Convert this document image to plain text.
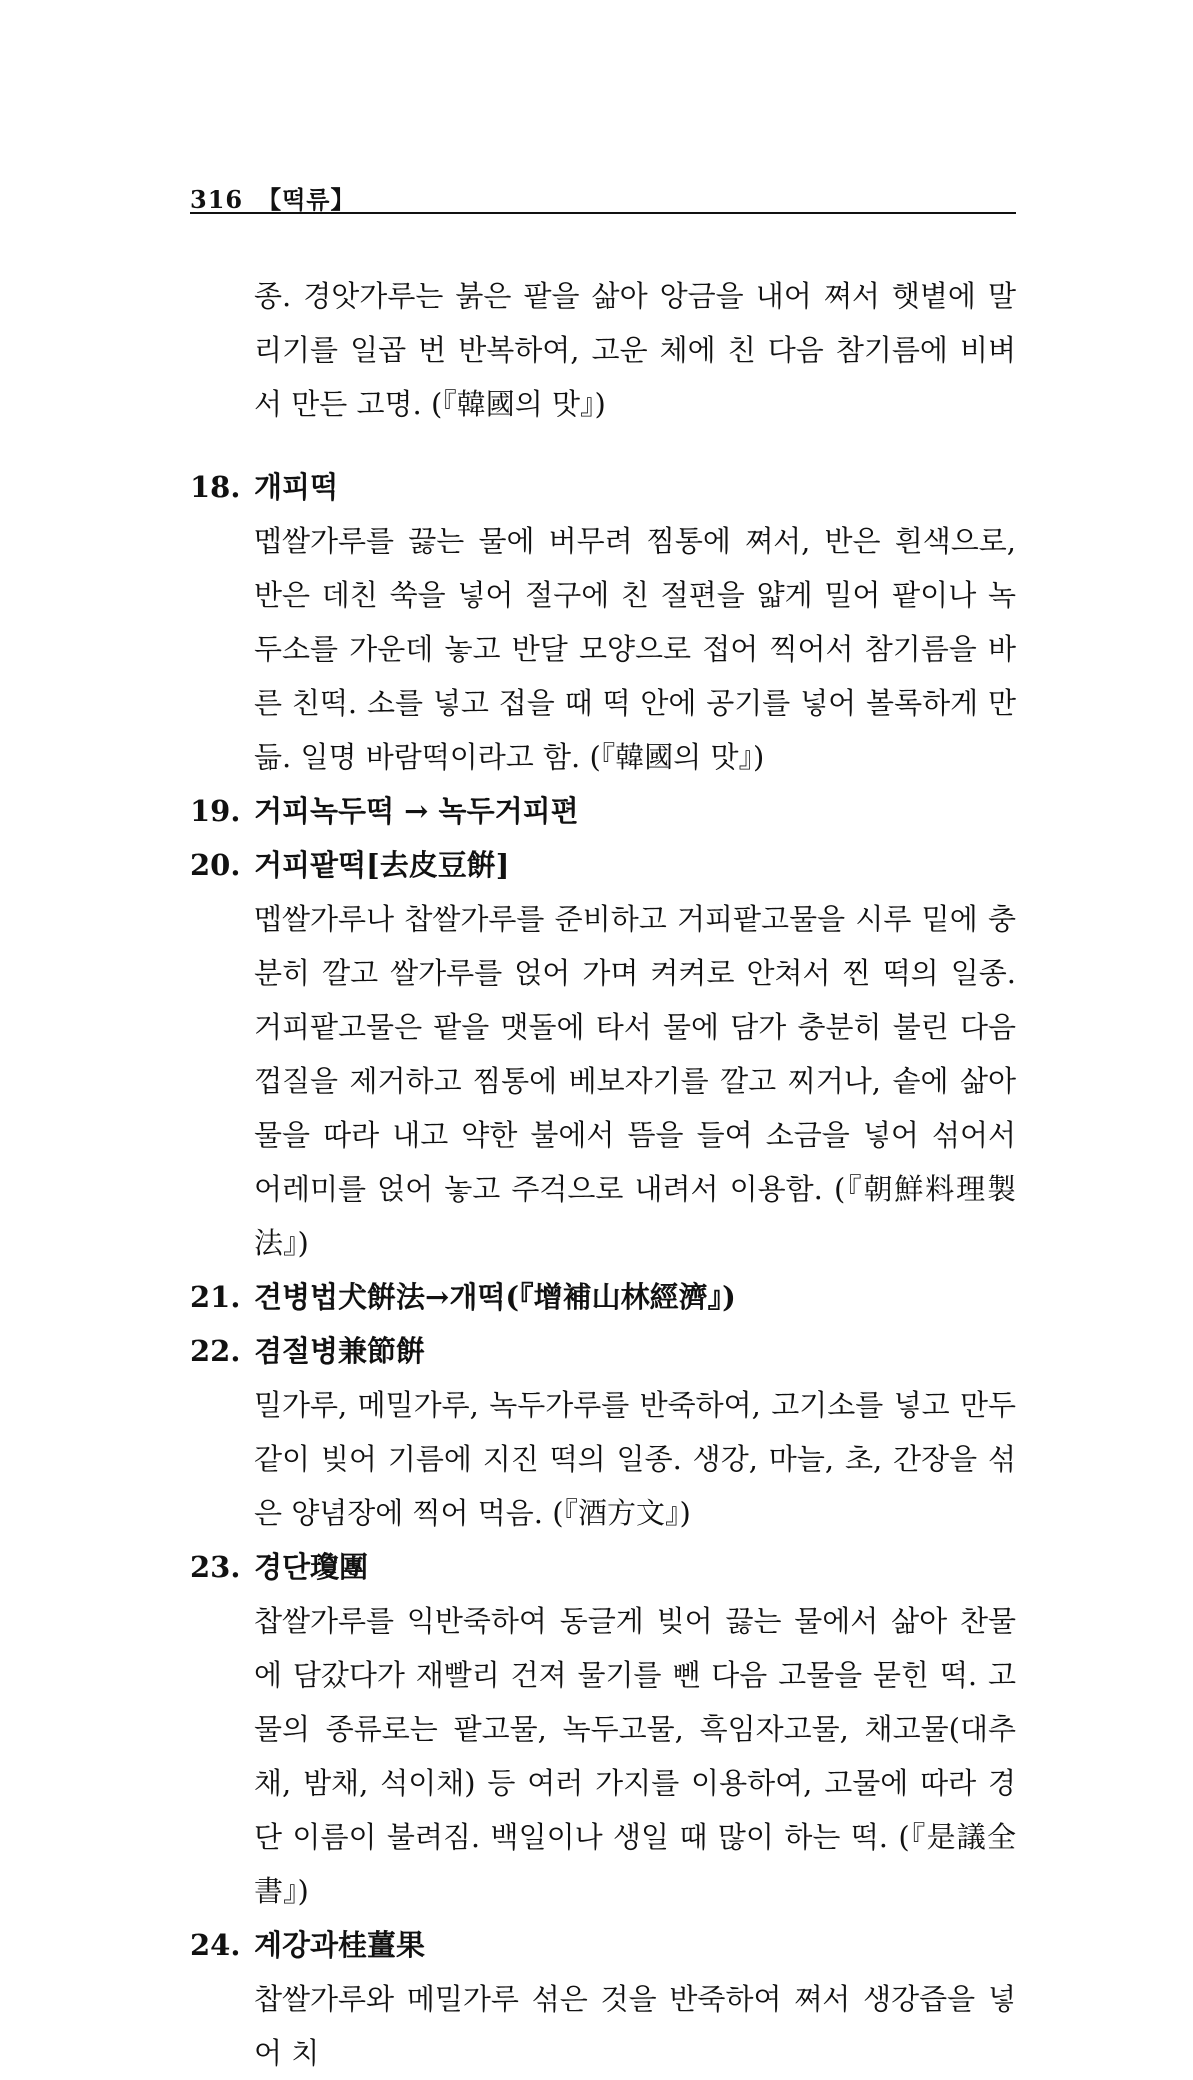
316 【떡류】

종. 경앗가루는 붉은 팥을 삶아 앙금을 내어 쪄서 햇볕에 말리기를 일곱 번 반복하여, 고운 체에 친 다음 참기름에 비벼서 만든 고명. (『韓國의 맛』)

18. 개피떡

멥쌀가루를 끓는 물에 버무려 찜통에 쪄서, 반은 흰색으로, 반은 데친 쑥을 넣어 절구에 친 절편을 얇게 밀어 팥이나 녹두소를 가운데 놓고 반달 모양으로 접어 찍어서 참기름을 바른 친떡. 소를 넣고 접을 때 떡 안에 공기를 넣어 볼록하게 만듦. 일명 바람떡이라고 함. (『韓國의 맛』)

19. 거피녹두떡 → 녹두거피편
20. 거피팥떡[去皮豆餠]

멥쌀가루나 찹쌀가루를 준비하고 거피팥고물을 시루 밑에 충분히 깔고 쌀가루를 얹어 가며 켜켜로 안쳐서 찐 떡의 일종. 거피팥고물은 팥을 맷돌에 타서 물에 담가 충분히 불린 다음 껍질을 제거하고 찜통에 베보자기를 깔고 찌거나, 솥에 삶아 물을 따라 내고 약한 불에서 뜸을 들여 소금을 넣어 섞어서 어레미를 얹어 놓고 주걱으로 내려서 이용함. (『朝鮮料理製法』)

21. 견병법犬餠法→개떡(『增補山林經濟』)
22. 겸절병兼節餠

밀가루, 메밀가루, 녹두가루를 반죽하여, 고기소를 넣고 만두같이 빚어 기름에 지진 떡의 일종. 생강, 마늘, 초, 간장을 섞은 양념장에 찍어 먹음. (『酒方文』)

23. 경단瓊團

찹쌀가루를 익반죽하여 동글게 빚어 끓는 물에서 삶아 찬물에 담갔다가 재빨리 건져 물기를 뺀 다음 고물을 묻힌 떡. 고물의 종류로는 팥고물, 녹두고물, 흑임자고물, 채고물(대추채, 밤채, 석이채) 등 여러 가지를 이용하여, 고물에 따라 경단 이름이 불려짐. 백일이나 생일 때 많이 하는 떡. (『是議全書』)

24. 계강과桂薑果

찹쌀가루와 메밀가루 섞은 것을 반죽하여 쪄서 생강즙을 넣어 치
